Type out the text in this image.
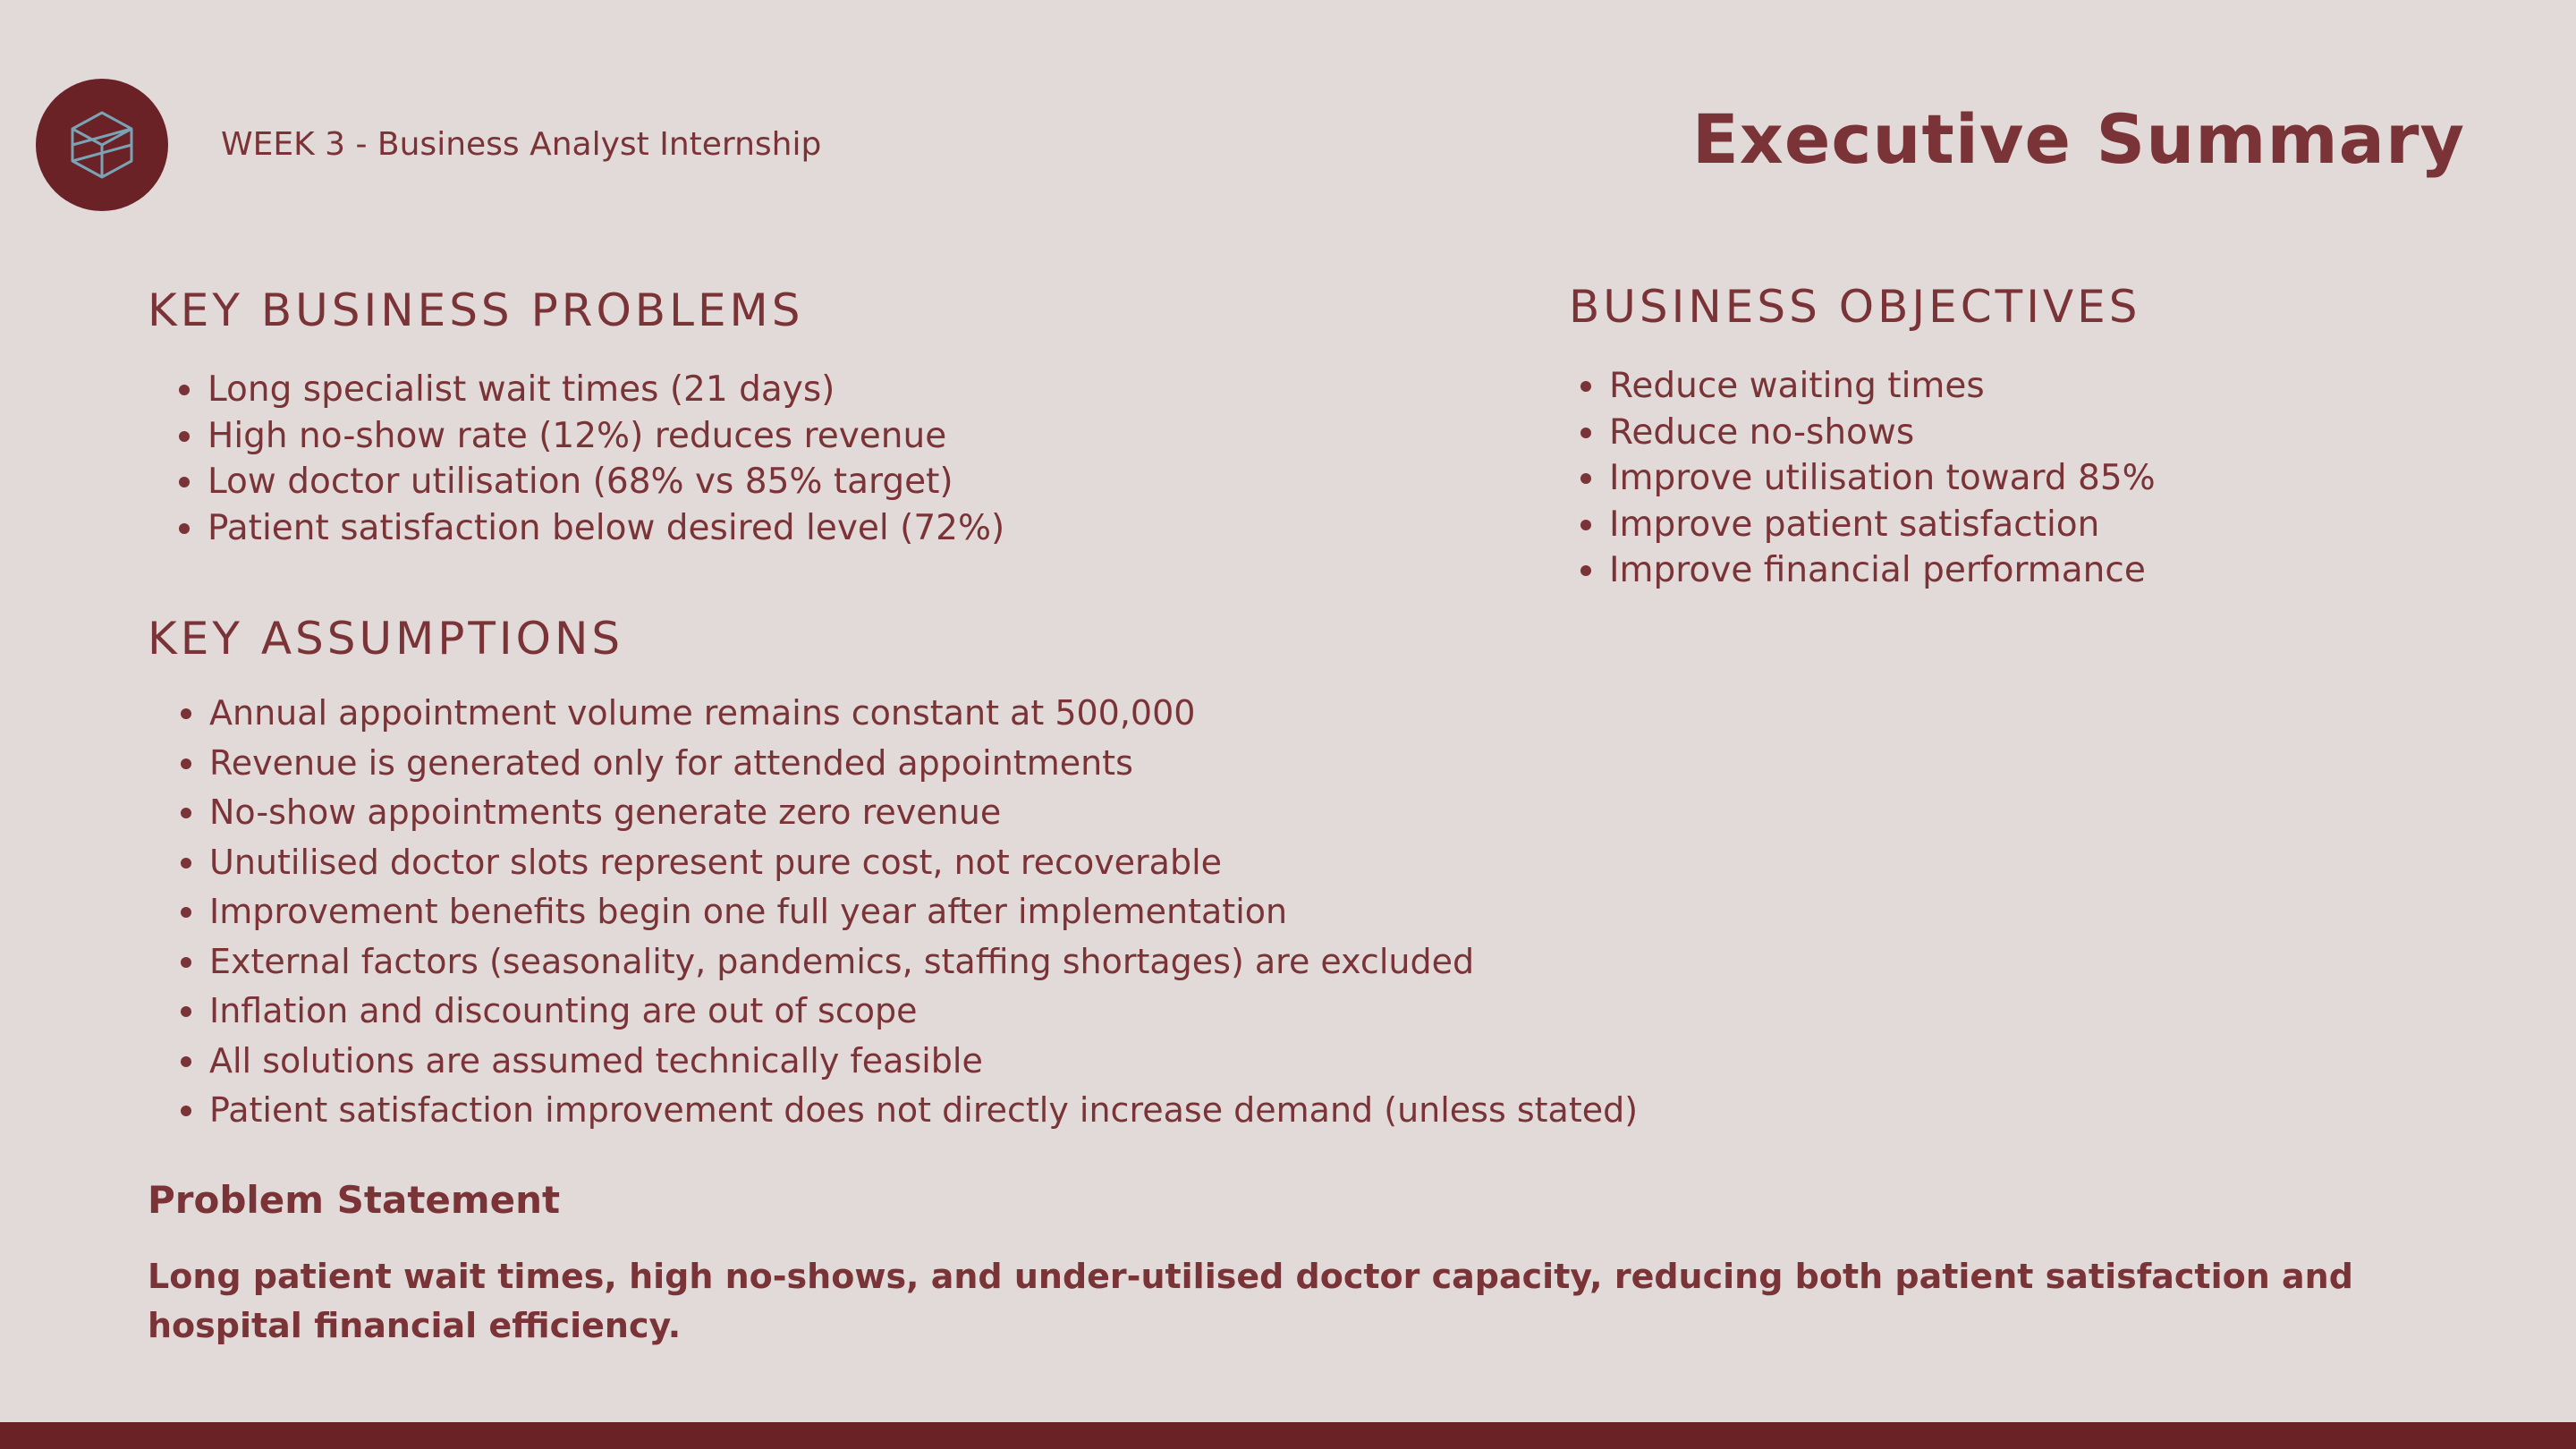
WEEK 3 - Business Analyst Internship	Executive Summary
KEY BUSINESS PROBLEMS
Long specialist wait times (21 days)
High no-show rate (12%) reduces revenue
Low doctor utilisation (68% vs 85% target)
Patient satisfaction below desired level (72%)
BUSINESS OBJECTIVES
Reduce waiting times
Reduce no-shows
Improve utilisation toward 85%
Improve patient satisfaction
Improve financial performance
KEY ASSUMPTIONS
Annual appointment volume remains constant at 500,000
Revenue is generated only for attended appointments
No-show appointments generate zero revenue
Unutilised doctor slots represent pure cost, not recoverable
Improvement benefits begin one full year after implementation
External factors (seasonality, pandemics, staffing shortages) are excluded
Inflation and discounting are out of scope
All solutions are assumed technically feasible
Patient satisfaction improvement does not directly increase demand (unless stated)
Problem Statement

Long patient wait times, high no-shows, and under-utilised doctor capacity, reducing both patient satisfaction and hospital financial efficiency.
